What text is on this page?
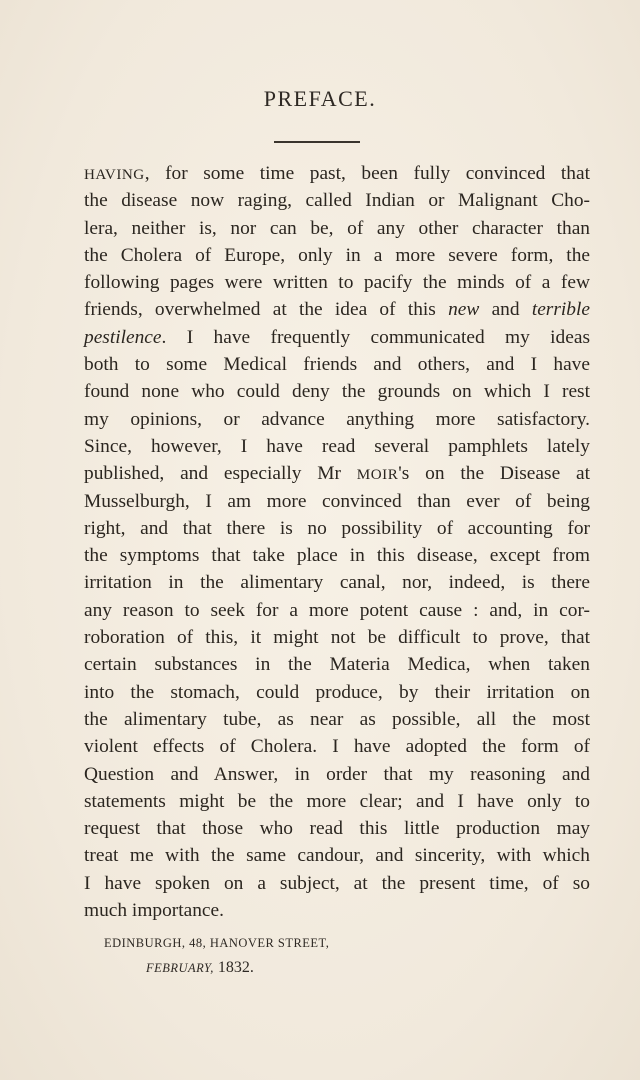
PREFACE.
HAVING, for some time past, been fully convinced that
the disease now raging, called Indian or Malignant Cho-
lera, neither is, nor can be, of any other character than
the Cholera of Europe, only in a more severe form, the
following pages were written to pacify the minds of a few
friends, overwhelmed at the idea of this new and terrible
pestilence. I have frequently communicated my ideas
both to some Medical friends and others, and I have
found none who could deny the grounds on which I rest
my opinions, or advance anything more satisfactory.
Since, however, I have read several pamphlets lately
published, and especially Mr MOIR's on the Disease at
Musselburgh, I am more convinced than ever of being
right, and that there is no possibility of accounting for
the symptoms that take place in this disease, except from
irritation in the alimentary canal, nor, indeed, is there
any reason to seek for a more potent cause : and, in cor-
roboration of this, it might not be difficult to prove, that
certain substances in the Materia Medica, when taken
into the stomach, could produce, by their irritation on
the alimentary tube, as near as possible, all the most
violent effects of Cholera. I have adopted the form of
Question and Answer, in order that my reasoning and
statements might be the more clear; and I have only to
request that those who read this little production may
treat me with the same candour, and sincerity, with which
I have spoken on a subject, at the present time, of so
much importance.
EDINBURGH, 48, HANOVER STREET,
FEBRUARY, 1832.
